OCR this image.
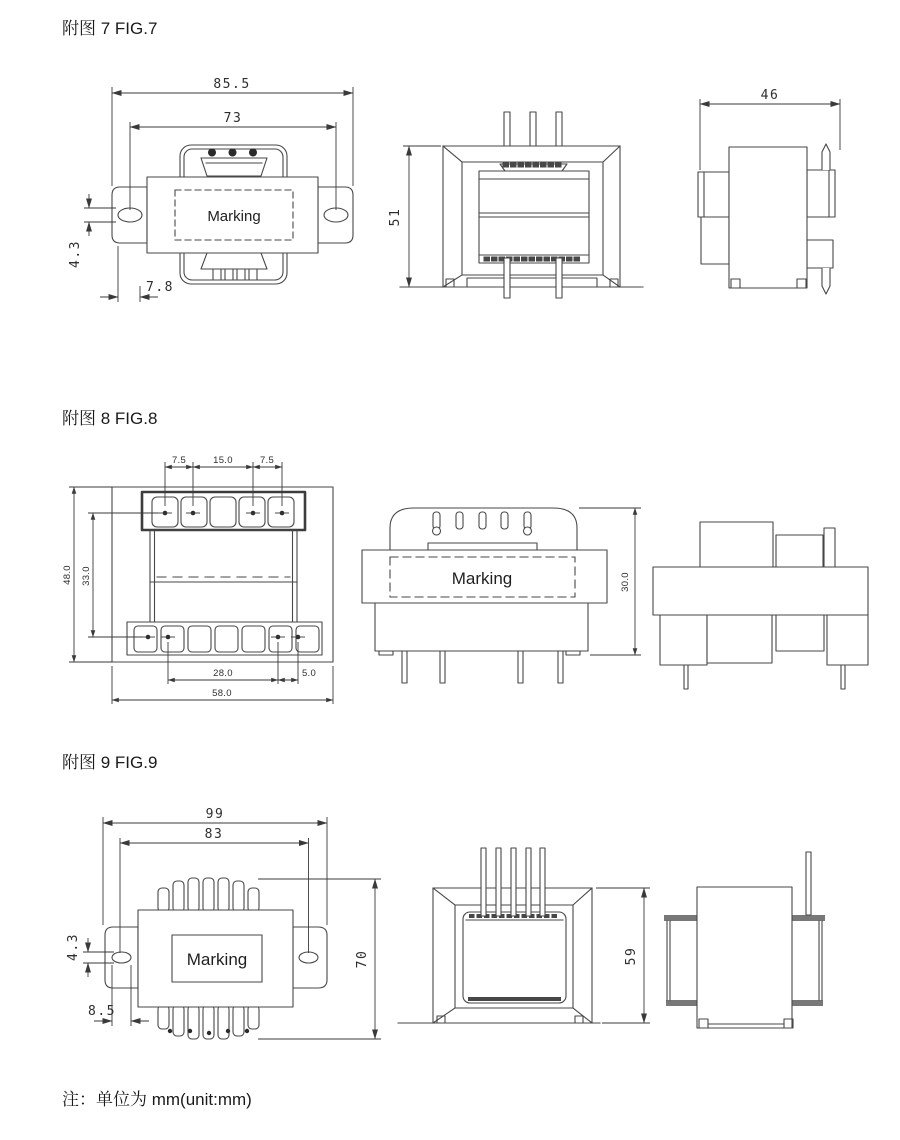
附图 7 FIG.7
Marking
85.5
73
4.3
7.8
51
46
附图 8 FIG.8
Marking
7.5	15.0	7.5
48.0 33.0
28.0	5.0
58.0
30.0
附图 9 FIG.9
Marking
99
83
4.3
8.5
70	59
注：单位为 mm(unit:mm)
